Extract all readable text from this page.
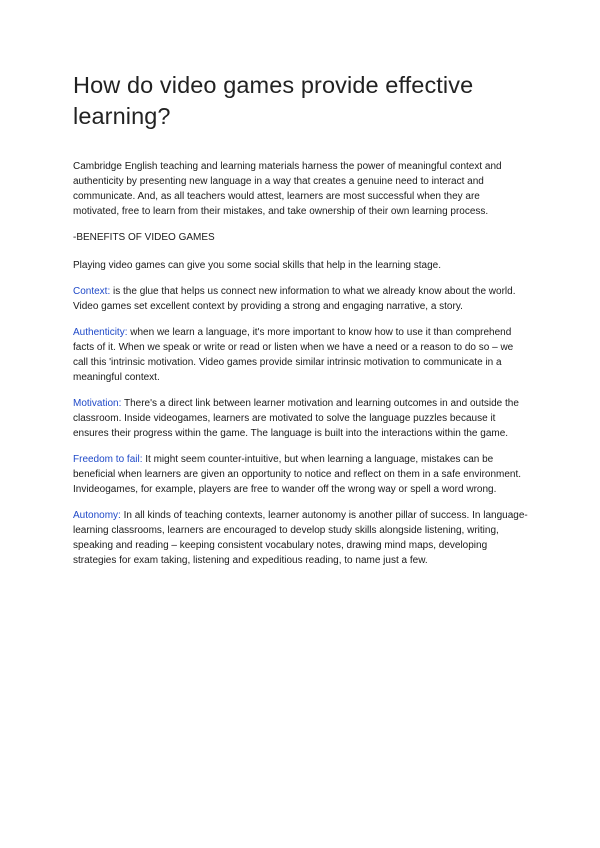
How do video games provide effective learning?

Cambridge English teaching and learning materials harness the power of meaningful context and authenticity by presenting new language in a way that creates a genuine need to interact and communicate. And, as all teachers would attest, learners are most successful when they are motivated, free to learn from their mistakes, and take ownership of their own learning process.

-BENEFITS OF VIDEO GAMES

Playing video games can give you some social skills that help in the learning stage.

Context: is the glue that helps us connect new information to what we already know about the world. Video games set excellent context by providing a strong and engaging narrative, a story.

Authenticity: when we learn a language, it's more important to know how to use it than comprehend facts of it. When we speak or write or read or listen when we have a need or a reason to do so – we call this 'intrinsic motivation. Video games provide similar intrinsic motivation to communicate in a meaningful context.

Motivation: There's a direct link between learner motivation and learning outcomes in and outside the classroom. Inside videogames, learners are motivated to solve the language puzzles because it ensures their progress within the game. The language is built into the interactions within the game.

Freedom to fail: It might seem counter-intuitive, but when learning a language, mistakes can be beneficial when learners are given an opportunity to notice and reflect on them in a safe environment. Invideogames, for example, players are free to wander off the wrong way or spell a word wrong.

Autonomy: In all kinds of teaching contexts, learner autonomy is another pillar of success. In language-learning classrooms, learners are encouraged to develop study skills alongside listening, writing, speaking and reading – keeping consistent vocabulary notes, drawing mind maps, developing strategies for exam taking, listening and expeditious reading, to name just a few.
